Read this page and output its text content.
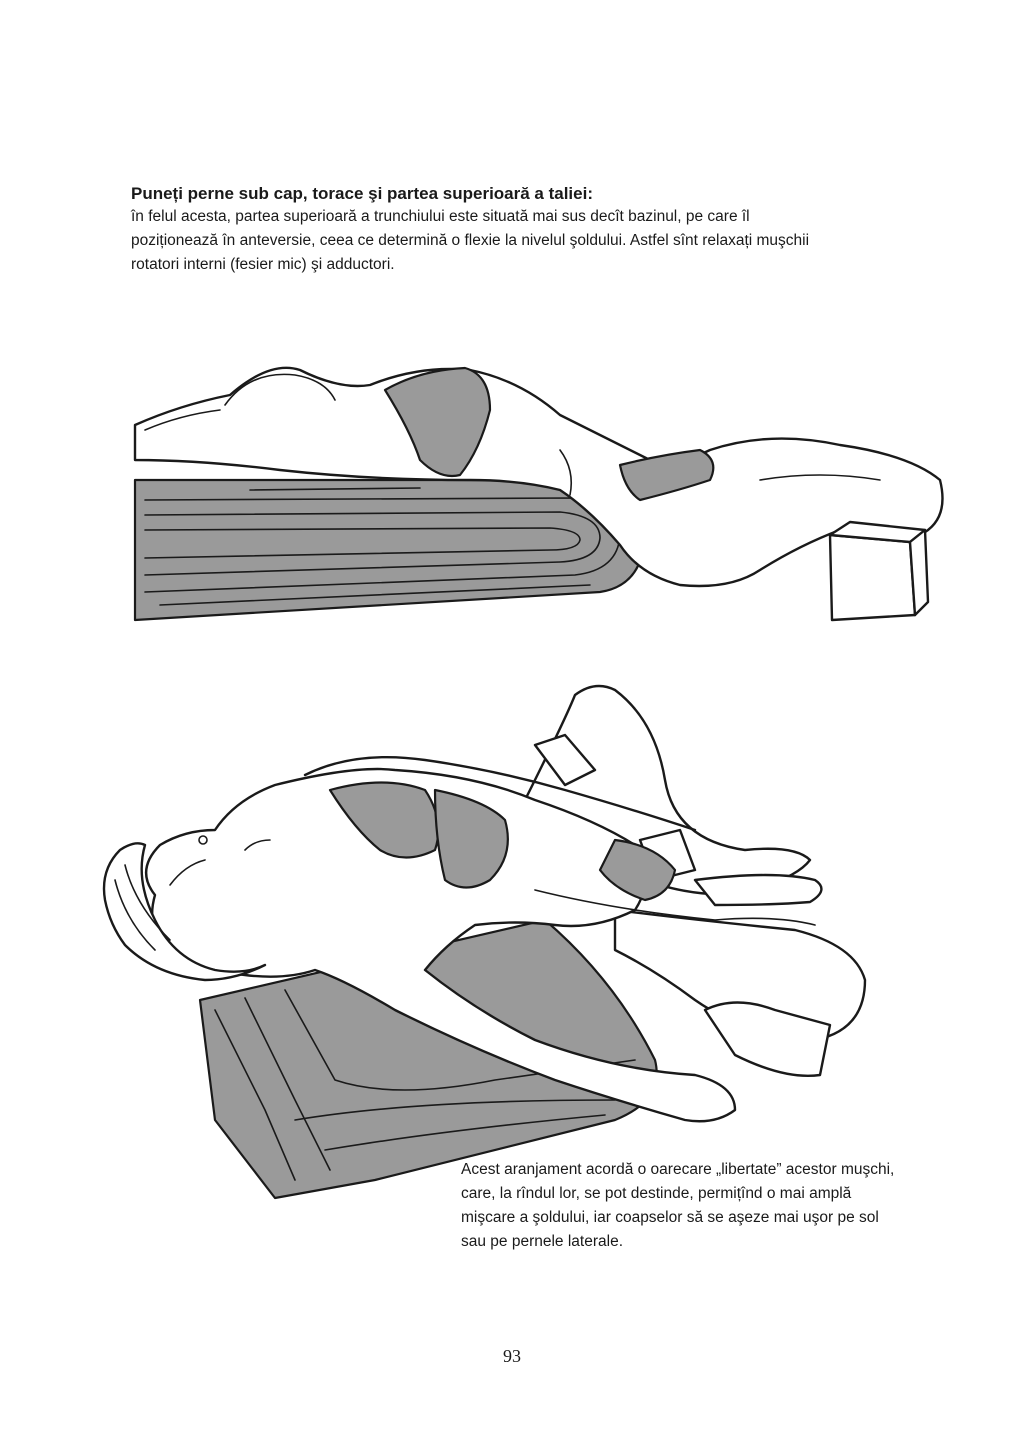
Puneți perne sub cap, torace şi partea superioară a taliei:

în felul acesta, partea superioară a trunchiului este situată mai sus decît bazinul, pe care îl poziționează în anteversie, ceea ce determină o flexie la nivelul şoldului. Astfel sînt relaxați muşchii rotatori interni (fesier mic) şi adductori.

Acest aranjament acordă o oarecare „libertate” acestor muşchi, care, la rîndul lor, se pot destinde, permițînd o mai amplă mişcare a şoldului, iar coapselor să se aşeze mai uşor pe sol sau pe pernele laterale.

93
